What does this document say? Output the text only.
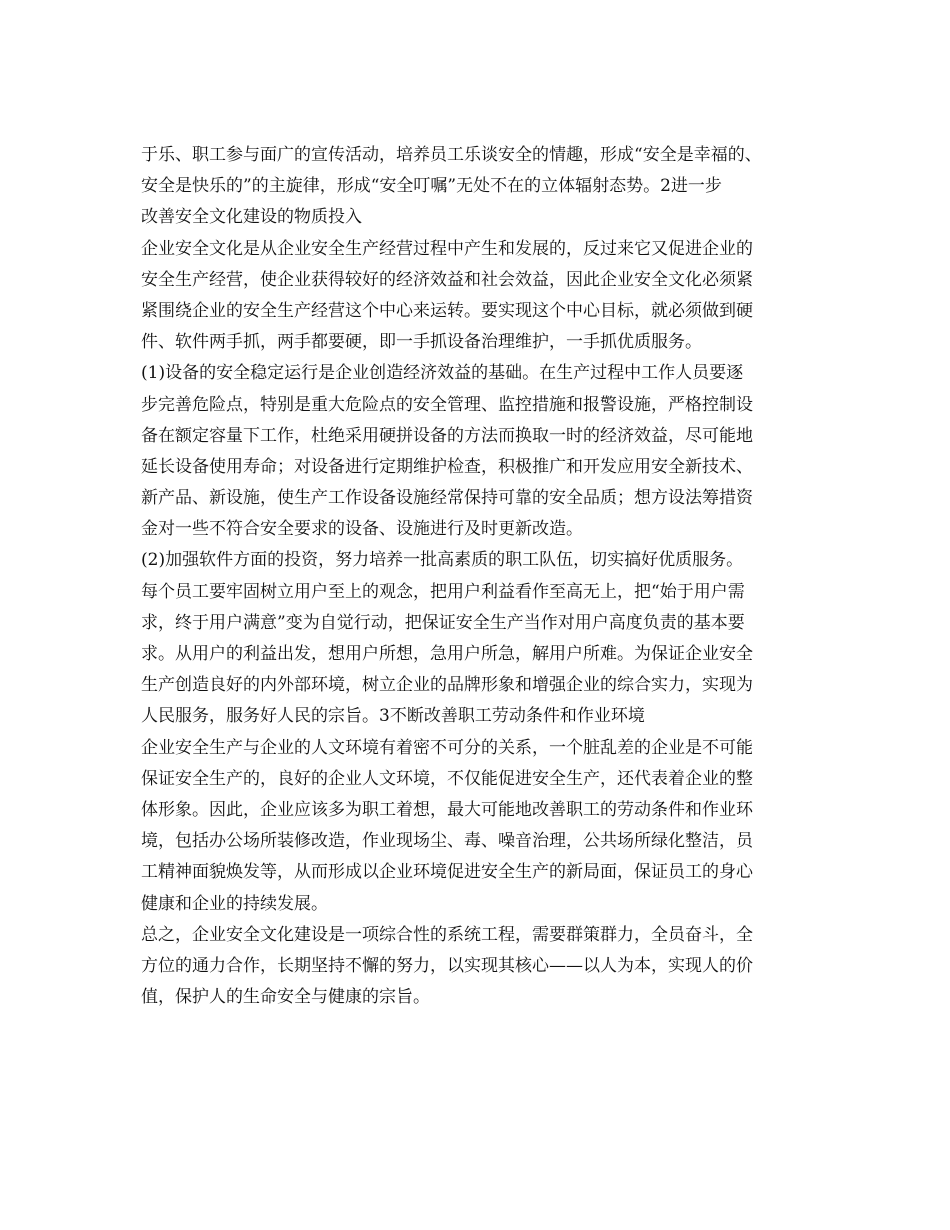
于乐、职工参与面广的宣传活动，培养员工乐谈安全的情趣，形成“安全是幸福的、
安全是快乐的”的主旋律，形成“安全叮嘱”无处不在的立体辐射态势。2进一步
改善安全文化建设的物质投入
企业安全文化是从企业安全生产经营过程中产生和发展的，反过来它又促进企业的
安全生产经营，使企业获得较好的经济效益和社会效益，因此企业安全文化必须紧
紧围绕企业的安全生产经营这个中心来运转。要实现这个中心目标，就必须做到硬
件、软件两手抓，两手都要硬，即一手抓设备治理维护，一手抓优质服务。
(1)设备的安全稳定运行是企业创造经济效益的基础。在生产过程中工作人员要逐
步完善危险点，特别是重大危险点的安全管理、监控措施和报警设施，严格控制设
备在额定容量下工作，杜绝采用硬拼设备的方法而换取一时的经济效益，尽可能地
延长设备使用寿命；对设备进行定期维护检查，积极推广和开发应用安全新技术、
新产品、新设施，使生产工作设备设施经常保持可靠的安全品质；想方设法筹措资
金对一些不符合安全要求的设备、设施进行及时更新改造。
(2)加强软件方面的投资，努力培养一批高素质的职工队伍，切实搞好优质服务。
每个员工要牢固树立用户至上的观念，把用户利益看作至高无上，把“始于用户需
求，终于用户满意”变为自觉行动，把保证安全生产当作对用户高度负责的基本要
求。从用户的利益出发，想用户所想，急用户所急，解用户所难。为保证企业安全
生产创造良好的内外部环境，树立企业的品牌形象和增强企业的综合实力，实现为
人民服务，服务好人民的宗旨。3不断改善职工劳动条件和作业环境
企业安全生产与企业的人文环境有着密不可分的关系，一个脏乱差的企业是不可能
保证安全生产的，良好的企业人文环境，不仅能促进安全生产，还代表着企业的整
体形象。因此，企业应该多为职工着想，最大可能地改善职工的劳动条件和作业环
境，包括办公场所装修改造，作业现场尘、毒、噪音治理，公共场所绿化整洁，员
工精神面貌焕发等，从而形成以企业环境促进安全生产的新局面，保证员工的身心
健康和企业的持续发展。
总之，企业安全文化建设是一项综合性的系统工程，需要群策群力，全员奋斗，全
方位的通力合作，长期坚持不懈的努力，以实现其核心——以人为本，实现人的价
值，保护人的生命安全与健康的宗旨。
